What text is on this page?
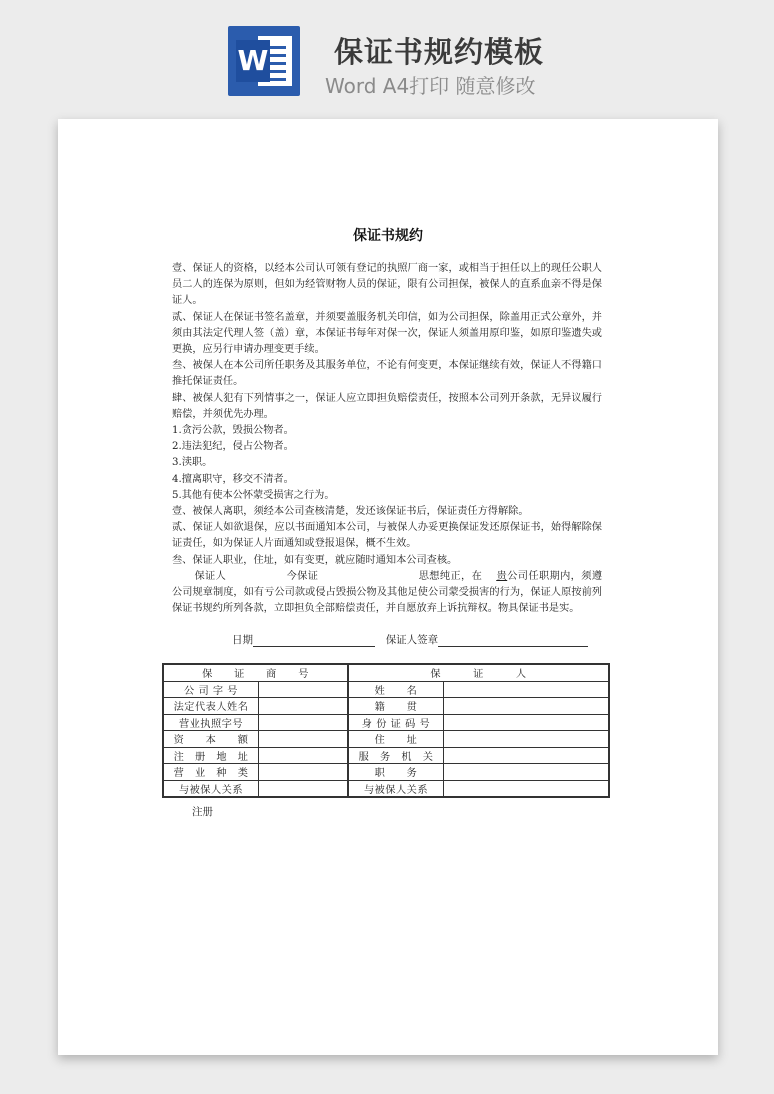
W 保证书规约模板
Word A4打印 随意修改
保证书规约

壹、保证人的资格，以经本公司认可领有登记的执照厂商一家，或相当于担任以上的现任公职人员二人的连保为原则，但如为经管财物人员的保证，限有公司担保，被保人的直系血亲不得是保证人。

贰、保证人在保证书签名盖章，并须要盖服务机关印信，如为公司担保，除盖用正式公章外，并须由其法定代理人签（盖）章，本保证书每年对保一次，保证人须盖用原印鉴，如原印鉴遗失或更换，应另行申请办理变更手续。

叁、被保人在本公司所任职务及其服务单位，不论有何变更，本保证继续有效，保证人不得籍口推托保证责任。

肆、被保人犯有下列情事之一，保证人应立即担负赔偿责任，按照本公司列开条款，无异议履行赔偿，并须优先办理。

1.贪污公款，毁损公物者。

2.违法犯纪，侵占公物者。

3.渎职。

4.擅离职守，移交不清者。

5.其他有使本公怀蒙受损害之行为。

壹、被保人离职，须经本公司查核清楚，发还该保证书后，保证责任方得解除。

贰、保证人如欲退保，应以书面通知本公司，与被保人办妥更换保证发还原保证书，始得解除保证责任，如为保证人片面通知或登报退保，概不生效。

叁、保证人职业，住址，如有变更，就应随时通知本公司查核。

保证人	今保证	思想纯正，在 贵公司任职期内，须遵公司规章制度，如有亏公司款或侵占毁损公物及其他足使公司蒙受损害的行为，保证人原按前列保证书规约所列各款，立即担负全部赔偿责任，并自愿放弃上诉抗辩权。物具保证书是实。

日期	保证人签章
保　　证　　商　　号		保　　　证　　　人	
公 司 字 号		姓　　名	
法定代表人姓名		籍　　贯	
营业执照字号		身 份 证 码 号	
资　　本　　额		住　　址	
注　册　地　址		服　务　机　关	
营　业　种　类		职　　务	
与被保人关系		与被保人关系	
注册
